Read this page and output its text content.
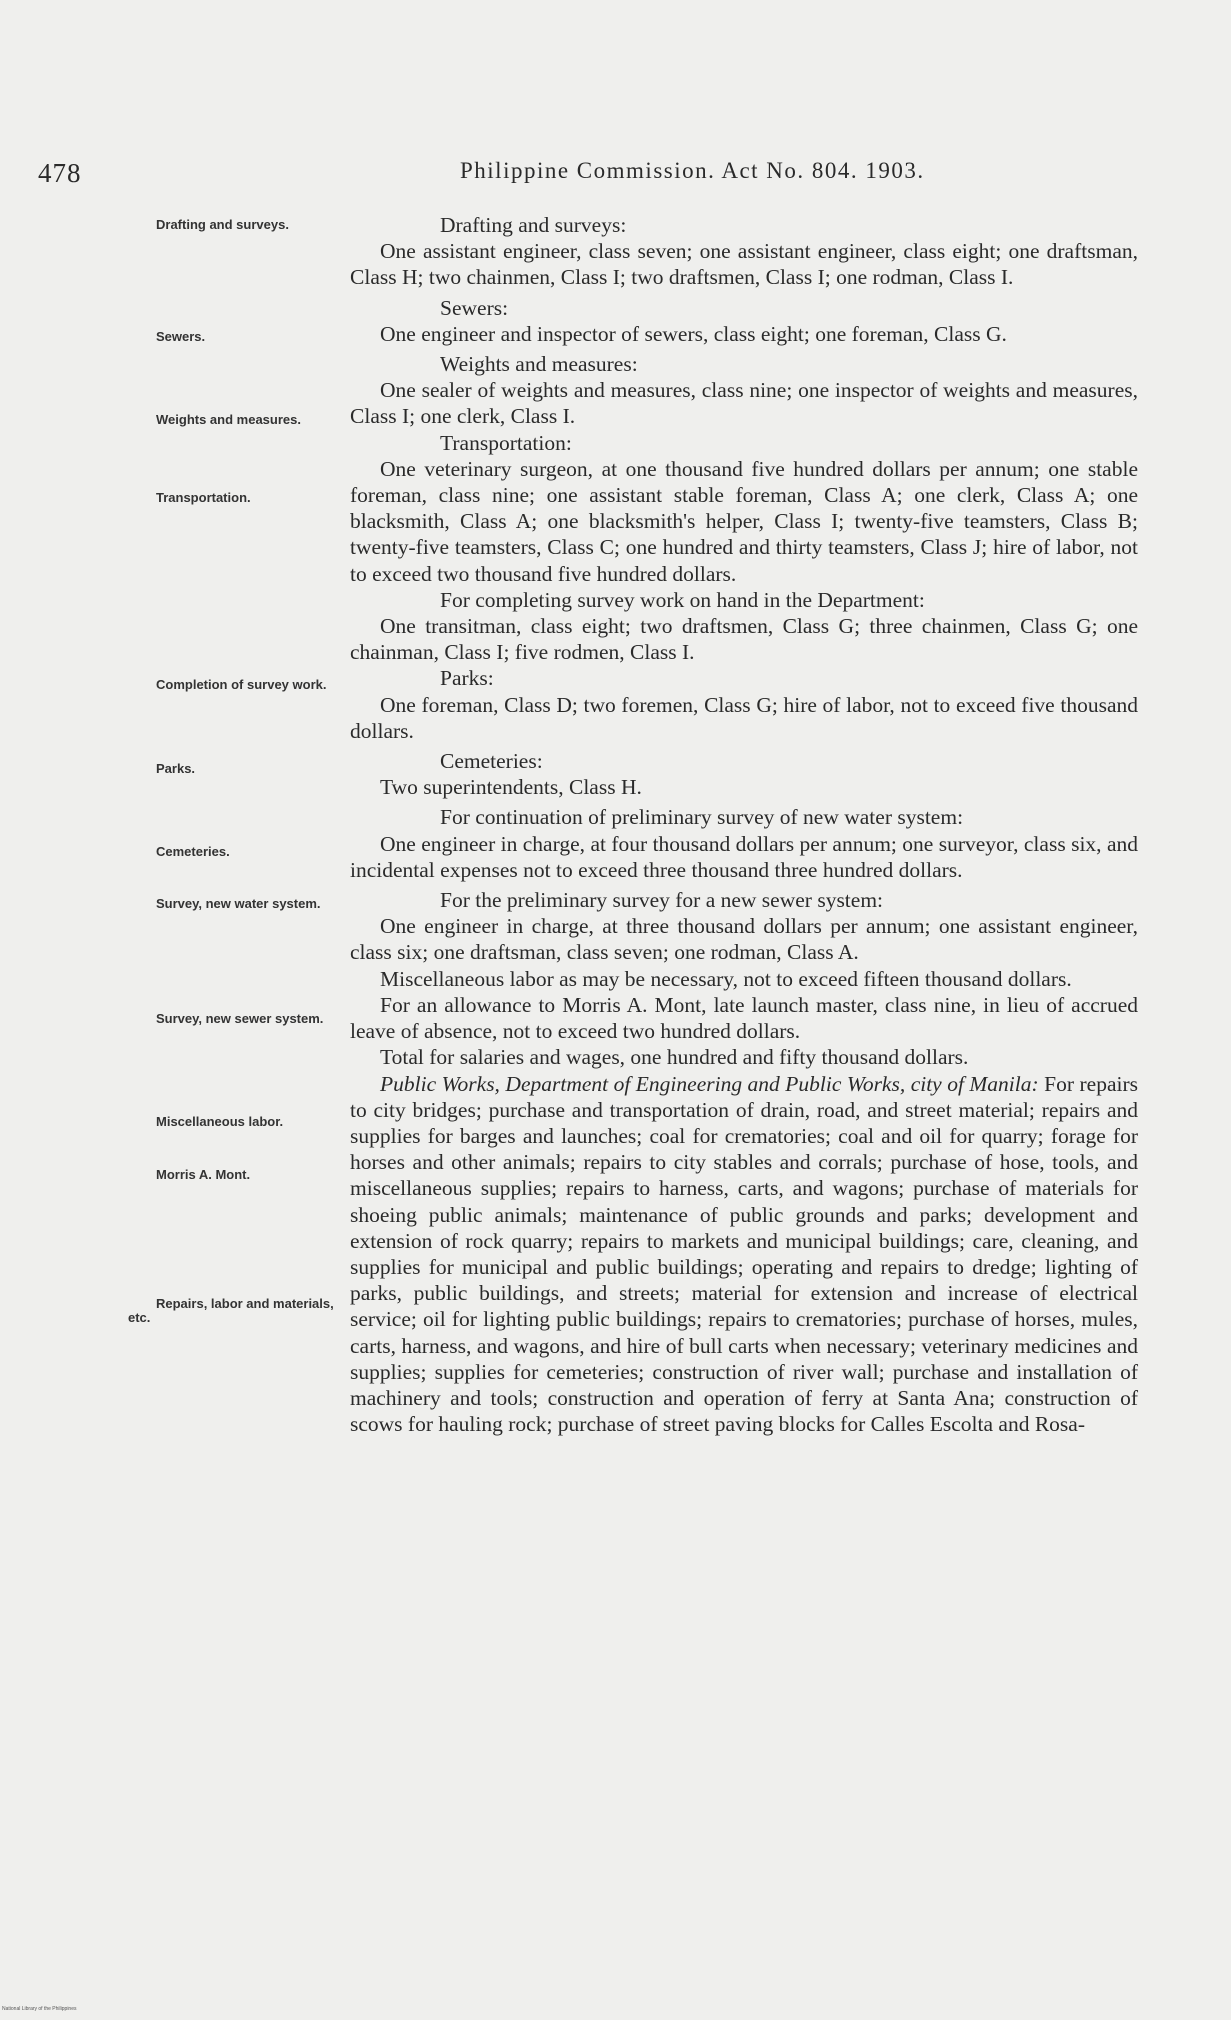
478	Philippine Commission. Act No. 804. 1903.
Drafting and surveys.
Sewers.
Weights and measures.
Transportation.
Completion of survey work.
Parks.
Cemeteries.
Survey, new water system.
Survey, new sewer system.
Miscellaneous labor.
Morris A. Mont.
Repairs, labor and materials, etc.

Drafting and surveys:

One assistant engineer, class seven; one assistant engineer, class eight; one draftsman, Class H; two chainmen, Class I; two draftsmen, Class I; one rodman, Class I.

Sewers:

One engineer and inspector of sewers, class eight; one foreman, Class G.

Weights and measures:

One sealer of weights and measures, class nine; one inspector of weights and measures, Class I; one clerk, Class I.

Transportation:

One veterinary surgeon, at one thousand five hundred dollars per annum; one stable foreman, class nine; one assistant stable foreman, Class A; one clerk, Class A; one blacksmith, Class A; one blacksmith's helper, Class I; twenty-five teamsters, Class B; twenty-five teamsters, Class C; one hundred and thirty teamsters, Class J; hire of labor, not to exceed two thousand five hundred dollars.

For completing survey work on hand in the Department:

One transitman, class eight; two draftsmen, Class G; three chainmen, Class G; one chainman, Class I; five rodmen, Class I.

Parks:

One foreman, Class D; two foremen, Class G; hire of labor, not to exceed five thousand dollars.

Cemeteries:

Two superintendents, Class H.

For continuation of preliminary survey of new water system:

One engineer in charge, at four thousand dollars per annum; one surveyor, class six, and incidental expenses not to exceed three thousand three hundred dollars.

For the preliminary survey for a new sewer system:

One engineer in charge, at three thousand dollars per annum; one assistant engineer, class six; one draftsman, class seven; one rodman, Class A.

Miscellaneous labor as may be necessary, not to exceed fifteen thousand dollars.

For an allowance to Morris A. Mont, late launch master, class nine, in lieu of accrued leave of absence, not to exceed two hundred dollars.

Total for salaries and wages, one hundred and fifty thousand dollars.

Public Works, Department of Engineering and Public Works, city of Manila: For repairs to city bridges; purchase and transportation of drain, road, and street material; repairs and supplies for barges and launches; coal for crematories; coal and oil for quarry; forage for horses and other animals; repairs to city stables and corrals; purchase of hose, tools, and miscellaneous supplies; repairs to harness, carts, and wagons; purchase of materials for shoeing public animals; maintenance of public grounds and parks; development and extension of rock quarry; repairs to markets and municipal buildings; care, cleaning, and supplies for municipal and public buildings; operating and repairs to dredge; lighting of parks, public buildings, and streets; material for extension and increase of electrical service; oil for lighting public buildings; repairs to crematories; purchase of horses, mules, carts, harness, and wagons, and hire of bull carts when necessary; veterinary medicines and supplies; supplies for cemeteries; construction of river wall; purchase and installation of machinery and tools; construction and operation of ferry at Santa Ana; construction of scows for hauling rock; purchase of street paving blocks for Calles Escolta and Rosa-

National Library of the Philippines
